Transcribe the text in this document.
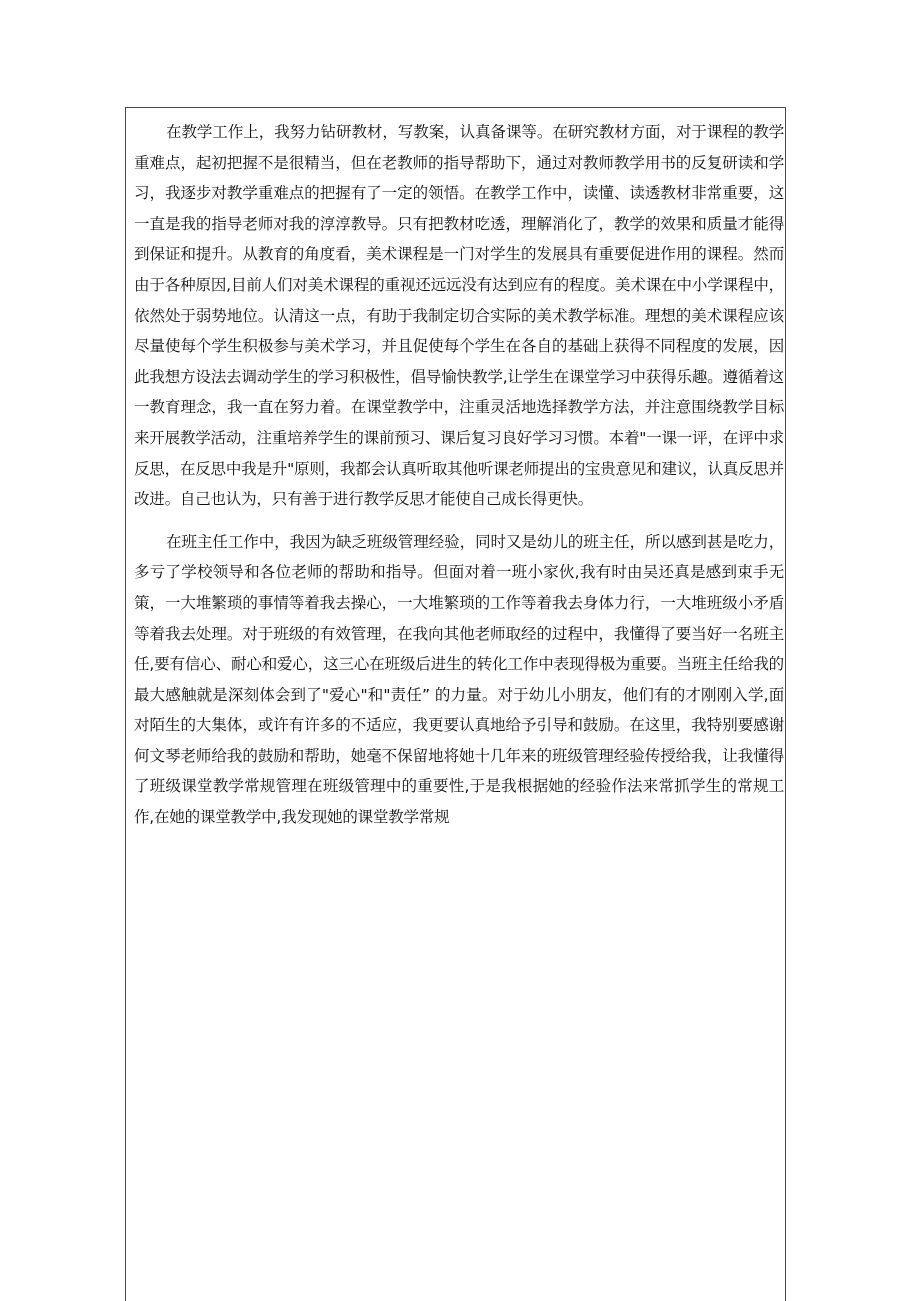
在教学工作上，我努力钻研教材，写教案，认真备课等。在研究教材方面，对于课程的教学重难点，起初把握不是很精当，但在老教师的指导帮助下，通过对教师教学用书的反复研读和学习，我逐步对教学重难点的把握有了一定的领悟。在教学工作中，读懂、读透教材非常重要，这一直是我的指导老师对我的淳淳教导。只有把教材吃透，理解消化了，教学的效果和质量才能得到保证和提升。从教育的角度看，美术课程是一门对学生的发展具有重要促进作用的课程。然而由于各种原因,目前人们对美术课程的重视还远远没有达到应有的程度。美术课在中小学课程中，依然处于弱势地位。认清这一点，有助于我制定切合实际的美术教学标准。理想的美术课程应该尽量使每个学生积极参与美术学习，并且促使每个学生在各自的基础上获得不同程度的发展，因此我想方设法去调动学生的学习积极性，倡导愉快教学,让学生在课堂学习中获得乐趣。遵循着这一教育理念，我一直在努力着。在课堂教学中，注重灵活地选择教学方法，并注意围绕教学目标来开展教学活动，注重培养学生的课前预习、课后复习良好学习习惯。本着"一课一评，在评中求反思，在反思中我是升"原则，我都会认真听取其他听课老师提出的宝贵意见和建议，认真反思并改进。自己也认为，只有善于进行教学反思才能使自己成长得更快。

在班主任工作中，我因为缺乏班级管理经验，同时又是幼儿的班主任，所以感到甚是吃力，多亏了学校领导和各位老师的帮助和指导。但面对着一班小家伙,我有时由吴还真是感到束手无策，一大堆繁琐的事情等着我去操心，一大堆繁琐的工作等着我去身体力行，一大堆班级小矛盾等着我去处理。对于班级的有效管理，在我向其他老师取经的过程中，我懂得了要当好一名班主任,要有信心、耐心和爱心，这三心在班级后进生的转化工作中表现得极为重要。当班主任给我的最大感触就是深刻体会到了"爱心"和"责任” 的力量。对于幼儿小朋友，他们有的才刚刚入学,面对陌生的大集体，或许有许多的不适应，我更要认真地给予引导和鼓励。在这里，我特别要感谢何文琴老师给我的鼓励和帮助，她毫不保留地将她十几年来的班级管理经验传授给我，让我懂得了班级课堂教学常规管理在班级管理中的重要性,于是我根据她的经验作法来常抓学生的常规工作,在她的课堂教学中,我发现她的课堂教学常规
